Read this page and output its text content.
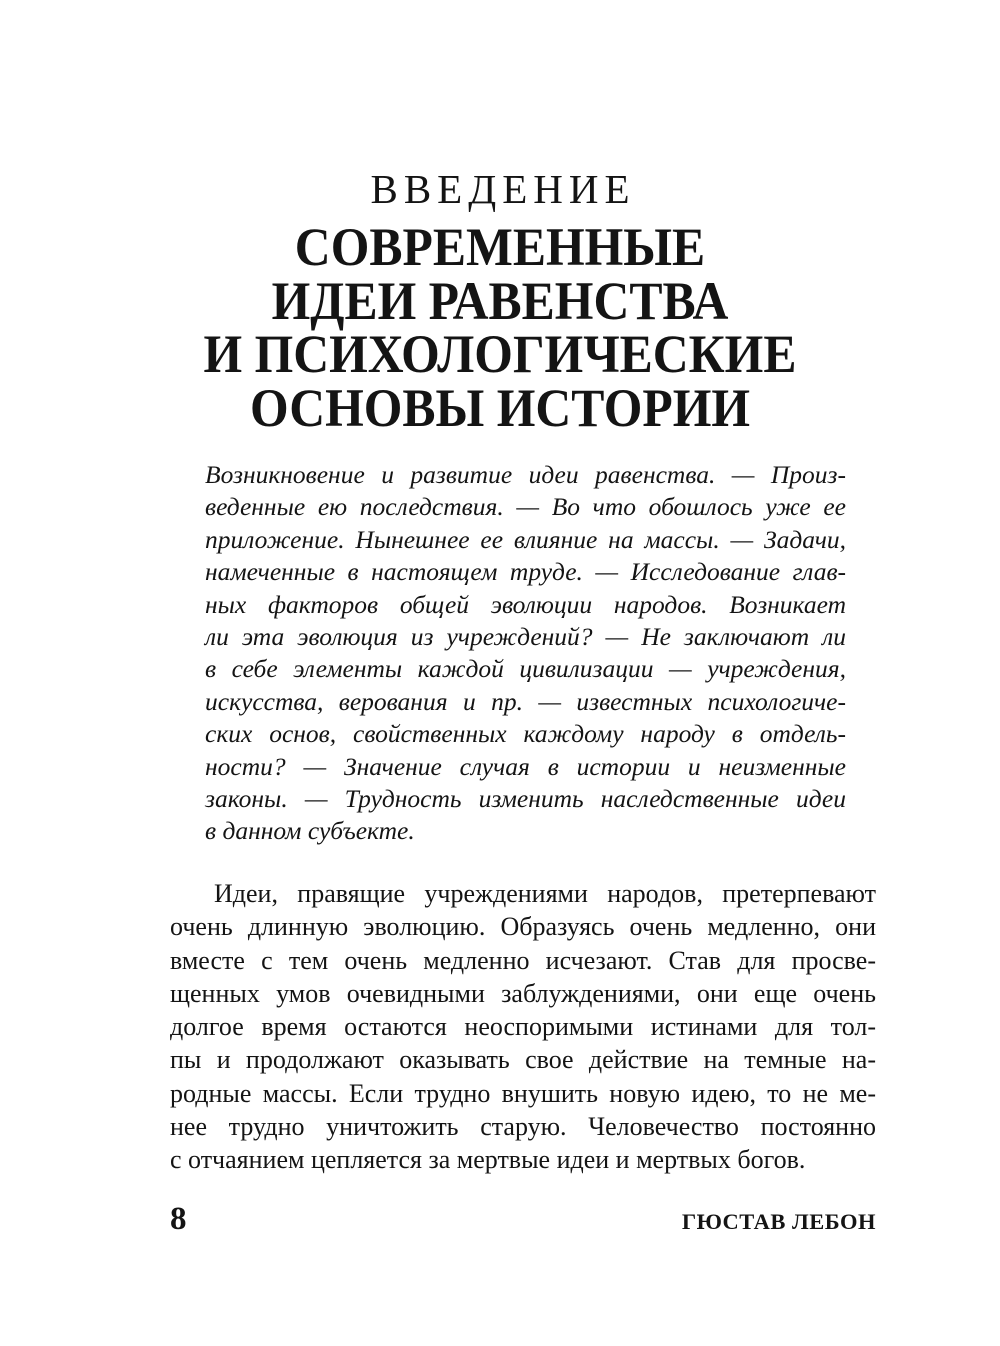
ВВЕДЕНИЕ
СОВРЕМЕННЫЕ
ИДЕИ РАВЕНСТВА
И ПСИХОЛОГИЧЕСКИЕ
ОСНОВЫ ИСТОРИИ
Возникновение и развитие идеи равенства. — Произ-
веденные ею последствия. — Во что обошлось уже ее
приложение. Нынешнее ее влияние на массы. — Задачи,
намеченные в настоящем труде. — Исследование глав-
ных факторов общей эволюции народов. Возникает
ли эта эволюция из учреждений? — Не заключают ли
в себе элементы каждой цивилизации — учреждения,
искусства, верования и пр. — известных психологиче-
ских основ, свойственных каждому народу в отдель-
ности? — Значение случая в истории и неизменные
законы. — Трудность изменить наследственные идеи
в данном субъекте.
Идеи, правящие учреждениями народов, претерпевают
очень длинную эволюцию. Образуясь очень медленно, они
вместе с тем очень медленно исчезают. Став для просве-
щенных умов очевидными заблуждениями, они еще очень
долгое время остаются неоспоримыми истинами для тол-
пы и продолжают оказывать свое действие на темные на-
родные массы. Если трудно внушить новую идею, то не ме-
нее трудно уничтожить старую. Человечество постоянно
с отчаянием цепляется за мертвые идеи и мертвых богов.
8	ГЮСТАВ ЛЕБОН
